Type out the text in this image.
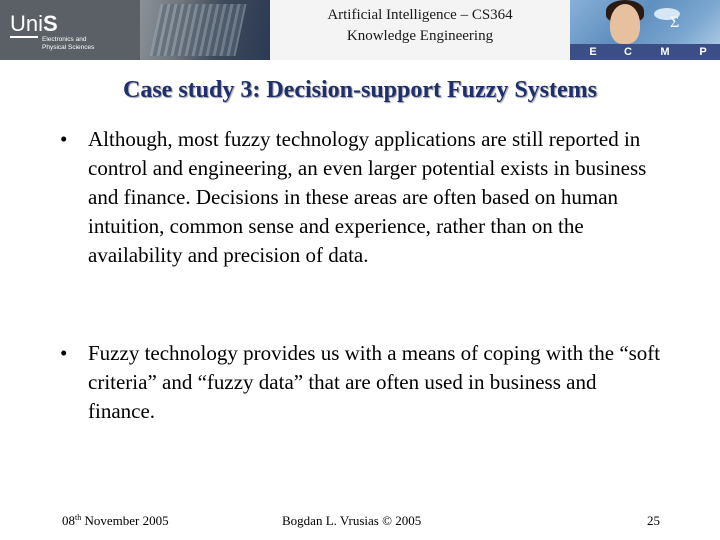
UniS
Electronics and
Physical Sciences
Artificial Intelligence – CS364
Knowledge Engineering
Σ
E	C	M	P
Case study 3: Decision-support Fuzzy Systems
• Although, most fuzzy technology applications are still reported in control and engineering, an even larger potential exists in business and finance. Decisions in these areas are often based on human intuition, common sense and experience, rather than on the availability and precision of data.
• Fuzzy technology provides us with a means of coping with the “soft criteria” and “fuzzy data” that are often used in business and finance.
08th November 2005	Bogdan L. Vrusias © 2005	25
